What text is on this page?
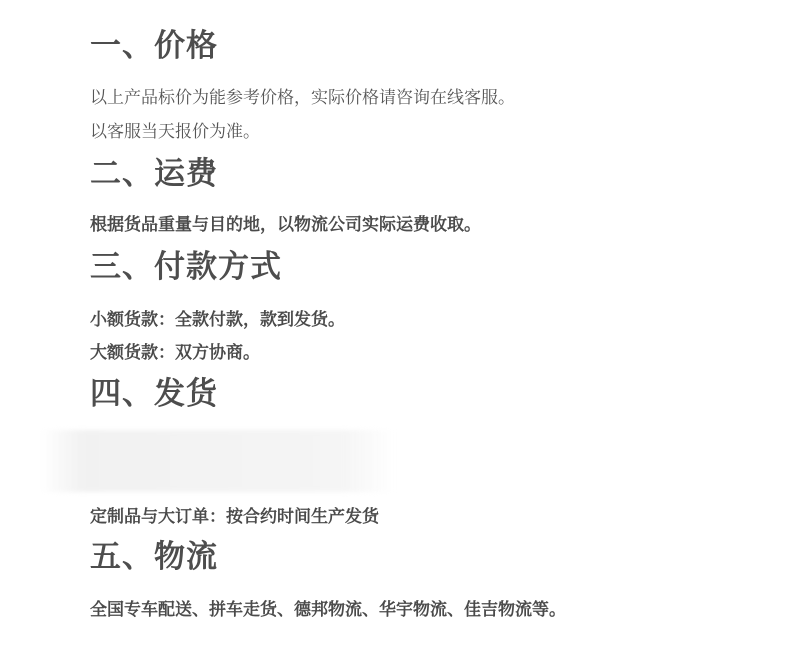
一、价格
以上产品标价为能参考价格，实际价格请咨询在线客服。
以客服当天报价为准。
二、运费
根据货品重量与目的地，以物流公司实际运费收取。
三、付款方式
小额货款：全款付款，款到发货。
大额货款：双方协商。
四、发货
定制品与大订单：按合约时间生产发货
五、物流
全国专车配送、拼车走货、德邦物流、华宇物流、佳吉物流等。
